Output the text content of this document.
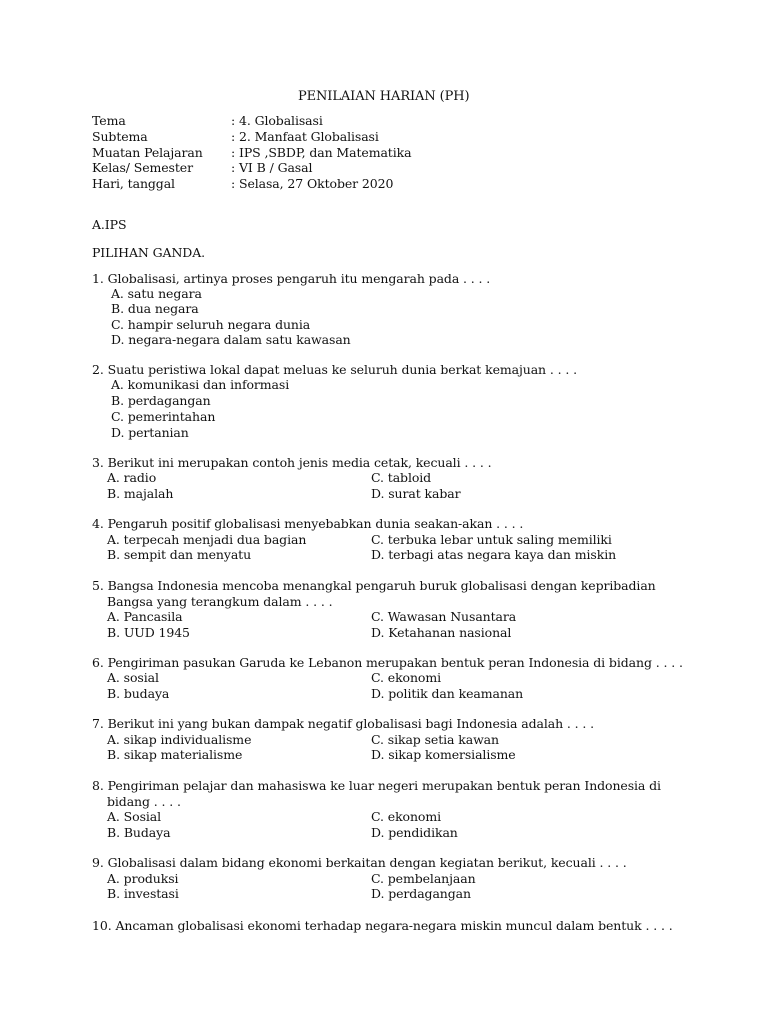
PENILAIAN HARIAN (PH)
Tema	: 4. Globalisasi
Subtema	: 2. Manfaat Globalisasi
Muatan Pelajaran : IPS ,SBDP, dan Matematika
Kelas/ Semester	: VI B / Gasal
Hari, tanggal	: Selasa, 27 Oktober 2020
A.IPS
PILIHAN GANDA.
1. Globalisasi, artinya proses pengaruh itu mengarah pada . . . .
A. satu negara
B. dua negara
C. hampir seluruh negara dunia
D. negara-negara dalam satu kawasan
2. Suatu peristiwa lokal dapat meluas ke seluruh dunia berkat kemajuan . . . .
A. komunikasi dan informasi
B. perdagangan
C. pemerintahan
D. pertanian
3. Berikut ini merupakan contoh jenis media cetak, kecuali . . . .
A. radio	C. tabloid
B. majalah	D. surat kabar
4. Pengaruh positif globalisasi menyebabkan dunia seakan-akan . . . .
A. terpecah menjadi dua bagian	C. terbuka lebar untuk saling memiliki
B. sempit dan menyatu	D. terbagi atas negara kaya dan miskin
5. Bangsa Indonesia mencoba menangkal pengaruh buruk globalisasi dengan kepribadian
Bangsa yang terangkum dalam . . . .
A. Pancasila	C. Wawasan Nusantara
B. UUD 1945	D. Ketahanan nasional
6. Pengiriman pasukan Garuda ke Lebanon merupakan bentuk peran Indonesia di bidang . . . .
A. sosial	C. ekonomi
B. budaya	D. politik dan keamanan
7. Berikut ini yang bukan dampak negatif globalisasi bagi Indonesia adalah . . . .
A. sikap individualisme	C. sikap setia kawan
B. sikap materialisme	D. sikap komersialisme
8. Pengiriman pelajar dan mahasiswa ke luar negeri merupakan bentuk peran Indonesia di
bidang . . . .
A. Sosial	C. ekonomi
B. Budaya	D. pendidikan
9. Globalisasi dalam bidang ekonomi berkaitan dengan kegiatan berikut, kecuali . . . .
A. produksi	C. pembelanjaan
B. investasi	D. perdagangan
10. Ancaman globalisasi ekonomi terhadap negara-negara miskin muncul dalam bentuk . . . .
